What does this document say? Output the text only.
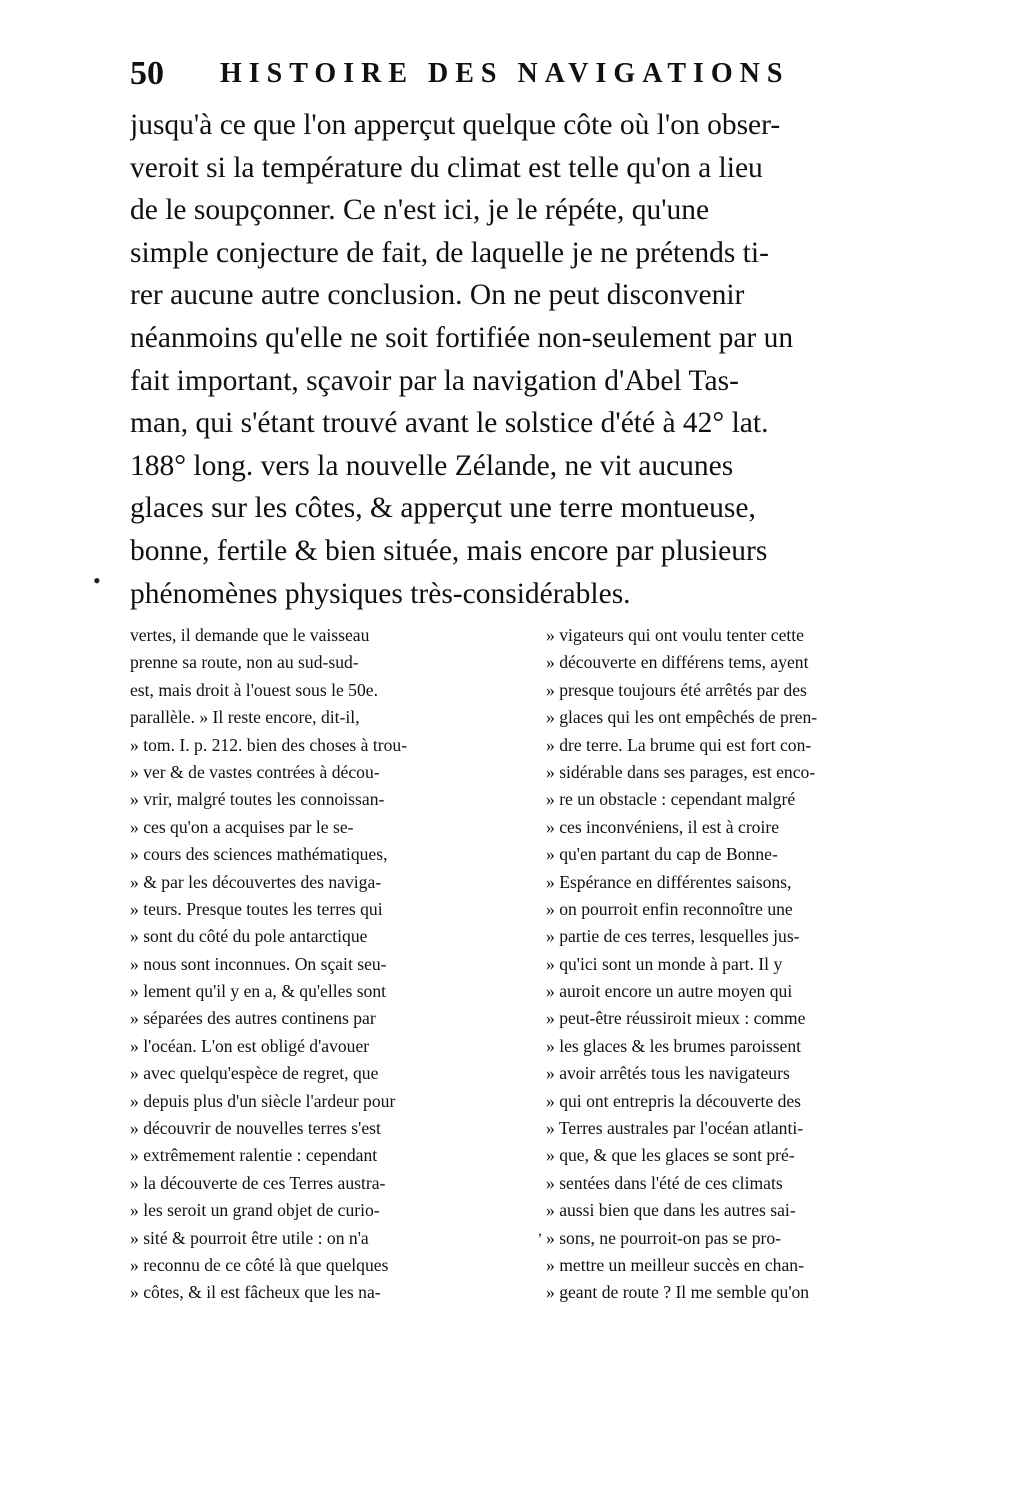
50 HISTOIRE DES NAVIGATIONS
jusqu'à ce que l'on apperçut quelque côte où l'on obser-
veroit si la température du climat est telle qu'on a lieu
de le soupçonner. Ce n'est ici, je le répéte, qu'une
simple conjecture de fait, de laquelle je ne prétends ti-
rer aucune autre conclusion. On ne peut disconvenir
néanmoins qu'elle ne soit fortifiée non-seulement par un
fait important, sçavoir par la navigation d'Abel Tas-
man, qui s'étant trouvé avant le solstice d'été à 42° lat.
188° long. vers la nouvelle Zélande, ne vit aucunes
glaces sur les côtes, & apperçut une terre montueuse,
bonne, fertile & bien située, mais encore par plusieurs
phénomènes physiques très-considérables.
•
,
vertes, il demande que le vaisseau
prenne sa route, non au sud-sud-
est, mais droit à l'ouest sous le 50e.
parallèle. » Il reste encore, dit-il,
» tom. I. p. 212. bien des choses à trou-
» ver & de vastes contrées à décou-
» vrir, malgré toutes les connoissan-
» ces qu'on a acquises par le se-
» cours des sciences mathématiques,
» & par les découvertes des naviga-
» teurs. Presque toutes les terres qui
» sont du côté du pole antarctique
» nous sont inconnues. On sçait seu-
» lement qu'il y en a, & qu'elles sont
» séparées des autres continens par
» l'océan. L'on est obligé d'avouer
» avec quelqu'espèce de regret, que
» depuis plus d'un siècle l'ardeur pour
» découvrir de nouvelles terres s'est
» extrêmement ralentie : cependant
» la découverte de ces Terres austra-
» les seroit un grand objet de curio-
» sité & pourroit être utile : on n'a
» reconnu de ce côté là que quelques
» côtes, & il est fâcheux que les na-
» vigateurs qui ont voulu tenter cette
» découverte en différens tems, ayent
» presque toujours été arrêtés par des
» glaces qui les ont empêchés de pren-
» dre terre. La brume qui est fort con-
» sidérable dans ses parages, est enco-
» re un obstacle : cependant malgré
» ces inconvéniens, il est à croire
» qu'en partant du cap de Bonne-
» Espérance en différentes saisons,
» on pourroit enfin reconnoître une
» partie de ces terres, lesquelles jus-
» qu'ici sont un monde à part. Il y
» auroit encore un autre moyen qui
» peut-être réussiroit mieux : comme
» les glaces & les brumes paroissent
» avoir arrêtés tous les navigateurs
» qui ont entrepris la découverte des
» Terres australes par l'océan atlanti-
» que, & que les glaces se sont pré-
» sentées dans l'été de ces climats
» aussi bien que dans les autres sai-
» sons, ne pourroit-on pas se pro-
» mettre un meilleur succès en chan-
» geant de route ? Il me semble qu'on
